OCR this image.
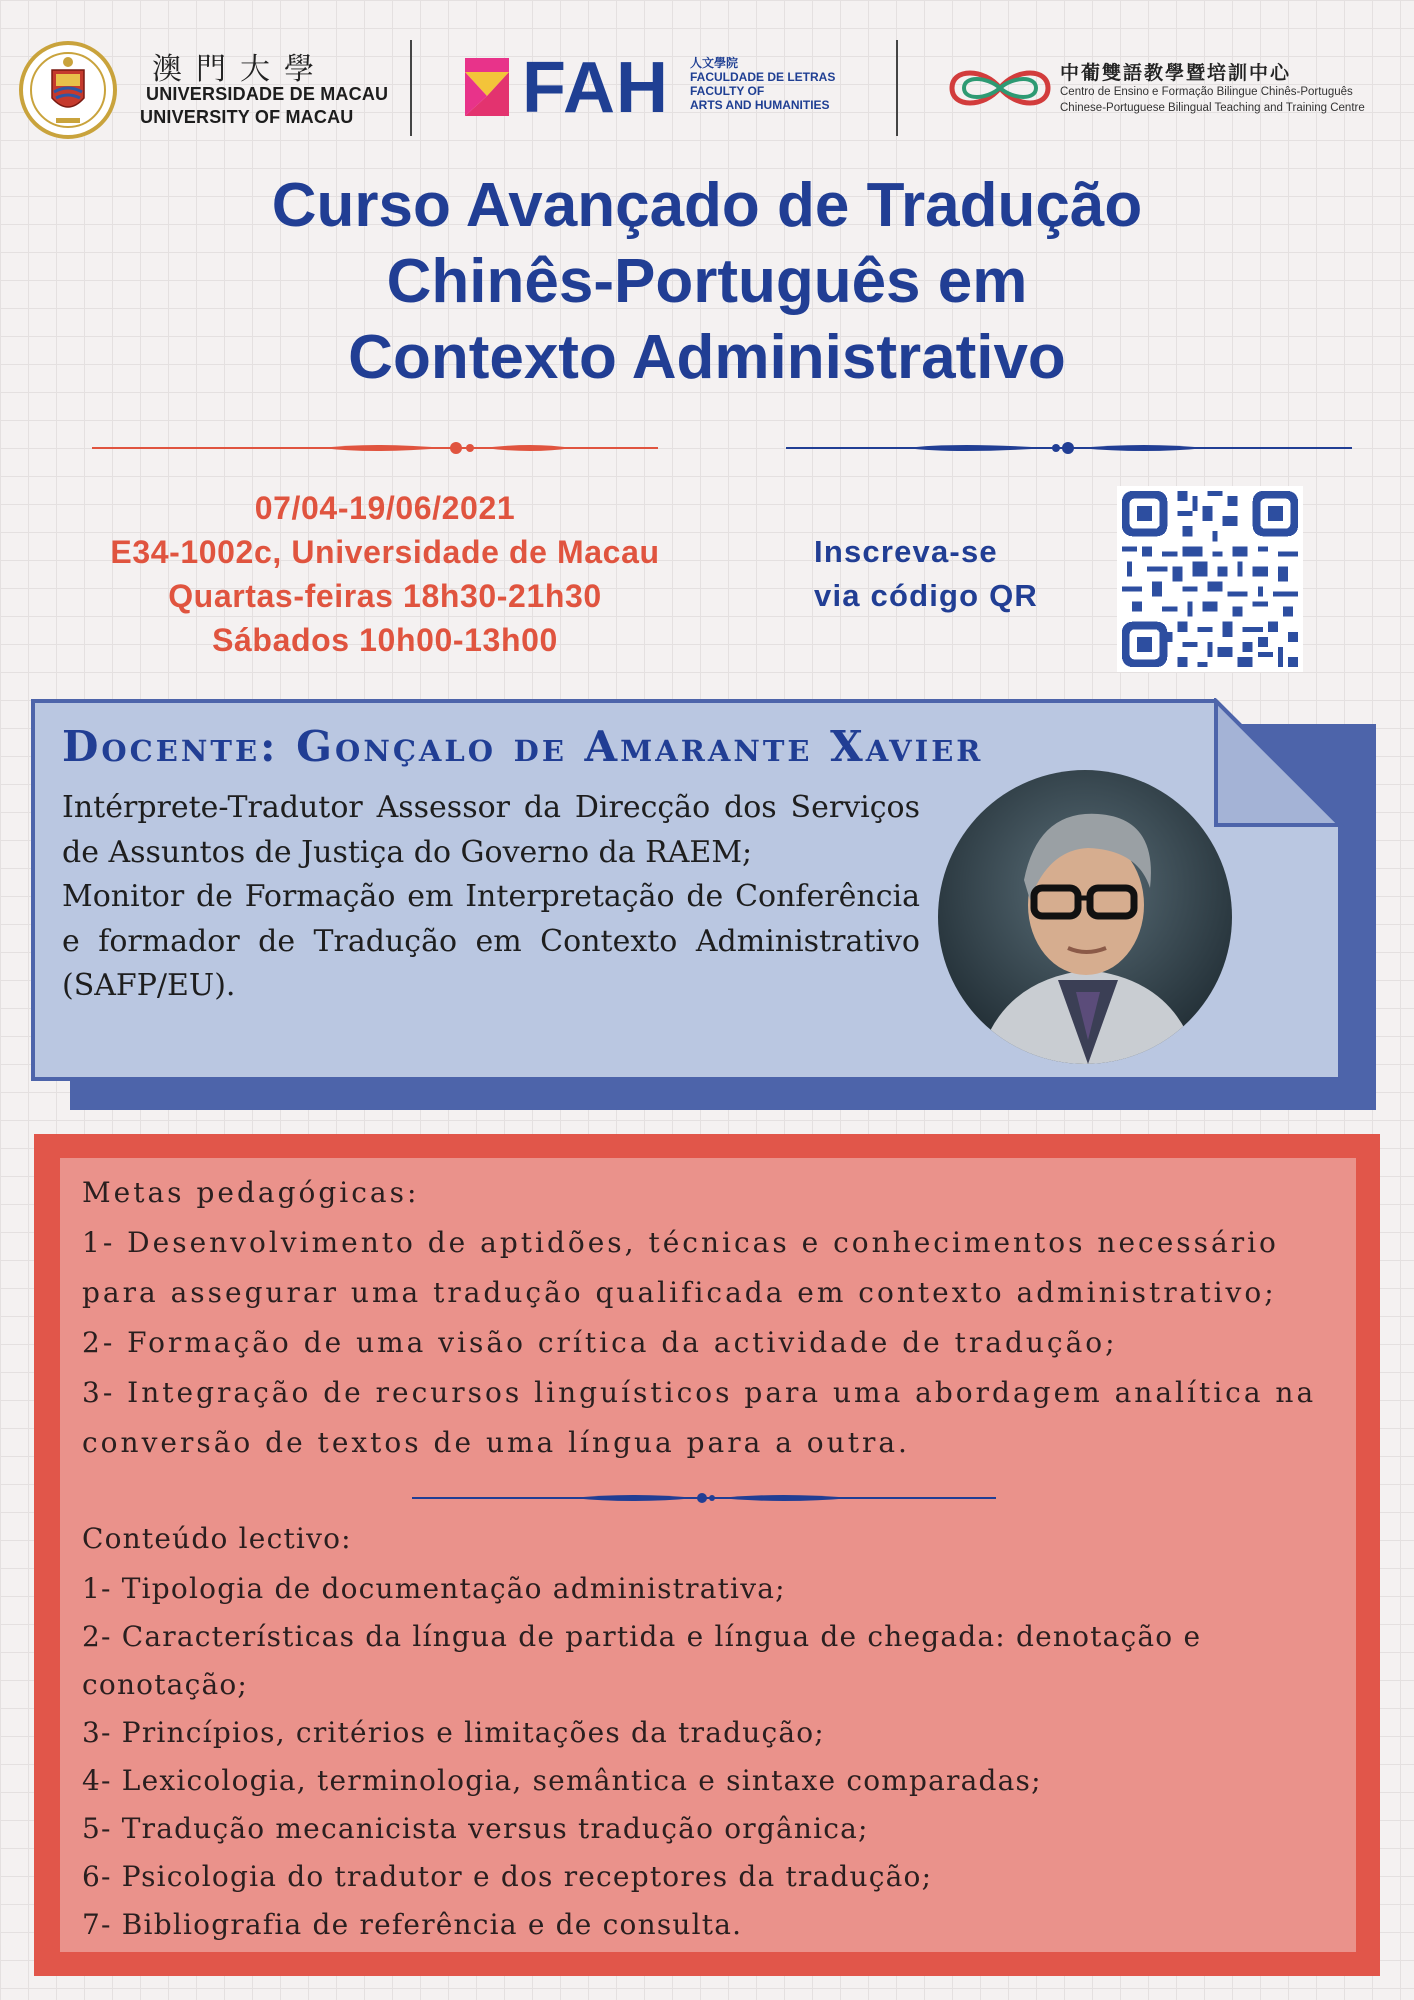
澳門大學
UNIVERSIDADE DE MACAU
UNIVERSITY OF MACAU FAH 人文學院
FACULDADE DE LETRAS
FACULTY OF
ARTS AND HUMANITIES
中葡雙語教學暨培訓中心
Centro de Ensino e Formação Bilingue Chinês-Português
Chinese-Portuguese Bilingual Teaching and Training Centre
Curso Avançado de Tradução
Chinês-Português em
Contexto Administrativo
07/04-19/06/2021
E34-1002c, Universidade de Macau
Quartas-feiras 18h30-21h30
Sábados 10h00-13h00
Inscreva-se
via código QR
Docente: Gonçalo de Amarante Xavier
Intérprete-Tradutor Assessor da Direcção dos Serviços de Assuntos de Justiça do Governo da RAEM;
Monitor de Formação em Interpretação de Conferência e formador de Tradução em Contexto Administrativo (SAFP/EU).
Metas pedagógicas:
1- Desenvolvimento de aptidões, técnicas e conhecimentos necessário
para assegurar uma tradução qualificada em contexto administrativo;
2- Formação de uma visão crítica da actividade de tradução;
3- Integração de recursos linguísticos para uma abordagem analítica na
conversão de textos de uma língua para a outra.
Conteúdo lectivo:
1- Tipologia de documentação administrativa;
2- Características da língua de partida e língua de chegada: denotação e
conotação;
3- Princípios, critérios e limitações da tradução;
4- Lexicologia, terminologia, semântica e sintaxe comparadas;
5- Tradução mecanicista versus tradução orgânica;
6- Psicologia do tradutor e dos receptores da tradução;
7- Bibliografia de referência e de consulta.
